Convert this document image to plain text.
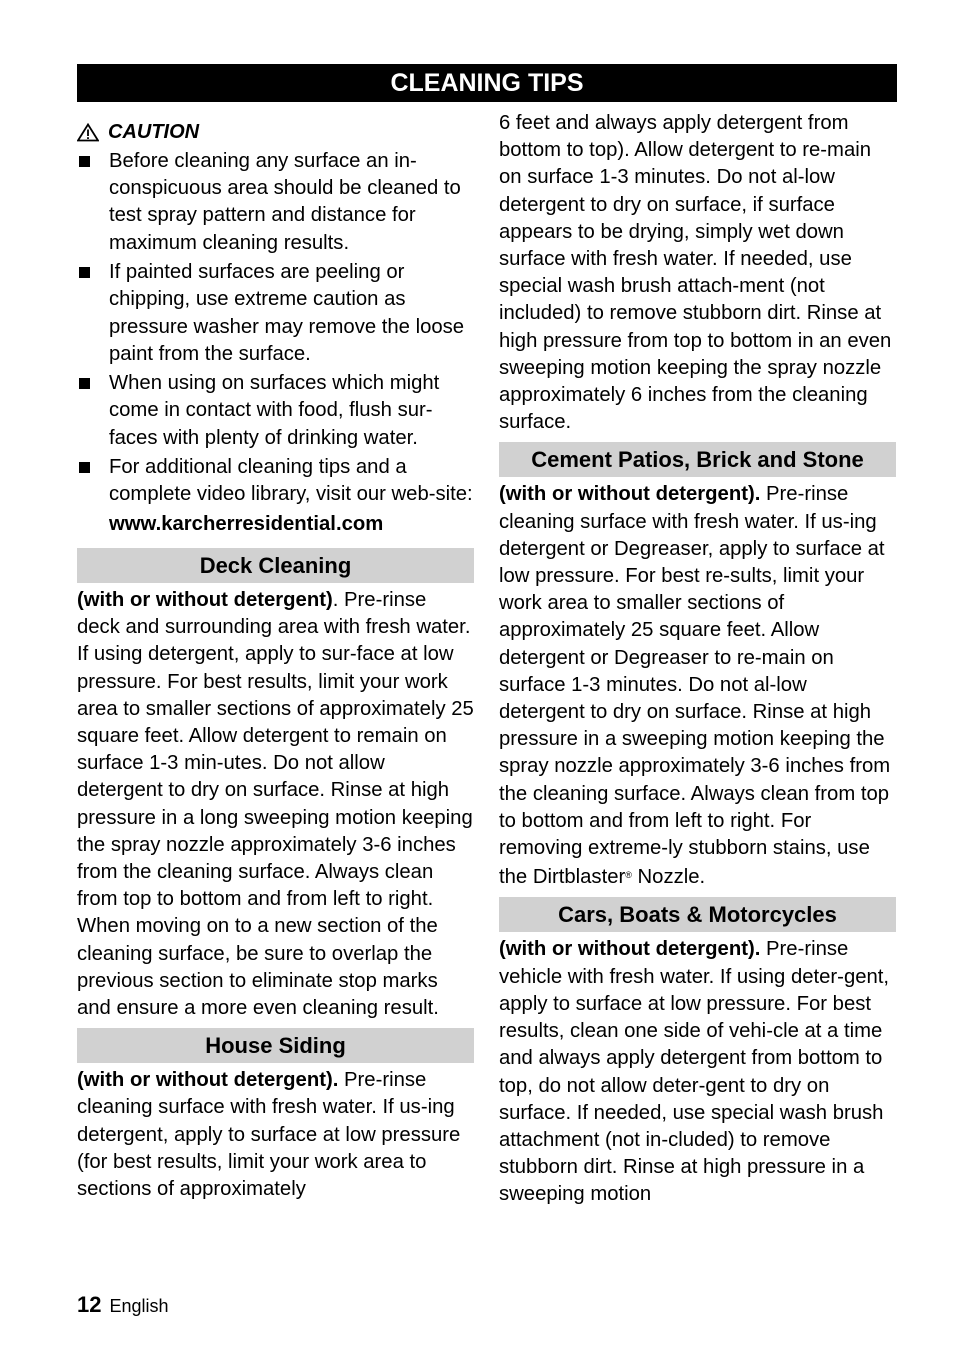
CLEANING TIPS
CAUTION
Before cleaning any surface an in-conspicuous area should be cleaned to test spray pattern and distance for maximum cleaning results.
If painted surfaces are peeling or chipping, use extreme caution as pressure washer may remove the loose paint from the surface.
When using on surfaces which might come in contact with food, flush sur-faces with plenty of drinking water.
For additional cleaning tips and a complete video library, visit our web-site:
www.karcherresidential.com
Deck Cleaning

(with or without detergent). Pre-rinse deck and surrounding area with fresh water. If using detergent, apply to sur-face at low pressure. For best results, limit your work area to smaller sections of approximately 25 square feet. Allow detergent to remain on surface 1-3 min-utes. Do not allow detergent to dry on surface. Rinse at high pressure in a long sweeping motion keeping the spray nozzle approximately 3-6 inches from the cleaning surface. Always clean from top to bottom and from left to right. When moving on to a new section of the cleaning surface, be sure to overlap the previous section to eliminate stop marks and ensure a more even cleaning result.

House Siding

(with or without detergent). Pre-rinse cleaning surface with fresh water. If us-ing detergent, apply to surface at low pressure (for best results, limit your work area to sections of approximately

6 feet and always apply detergent from bottom to top). Allow detergent to re-main on surface 1-3 minutes. Do not al-low detergent to dry on surface, if surface appears to be drying, simply wet down surface with fresh water. If needed, use special wash brush attach-ment (not included) to remove stubborn dirt. Rinse at high pressure from top to bottom in an even sweeping motion keeping the spray nozzle approximately 6 inches from the cleaning surface.

Cement Patios, Brick and Stone

(with or without detergent). Pre-rinse cleaning surface with fresh water. If us-ing detergent or Degreaser, apply to surface at low pressure. For best re-sults, limit your work area to smaller sections of approximately 25 square feet. Allow detergent or Degreaser to re-main on surface 1-3 minutes. Do not al-low detergent to dry on surface. Rinse at high pressure in a sweeping motion keeping the spray nozzle approximately 3-6 inches from the cleaning surface. Always clean from top to bottom and from left to right. For removing extreme-ly stubborn stains, use the Dirtblaster® Nozzle.

Cars, Boats & Motorcycles

(with or without detergent). Pre-rinse vehicle with fresh water. If using deter-gent, apply to surface at low pressure. For best results, clean one side of vehi-cle at a time and always apply detergent from bottom to top, do not allow deter-gent to dry on surface. If needed, use special wash brush attachment (not in-cluded) to remove stubborn dirt. Rinse at high pressure in a sweeping motion

12 English
